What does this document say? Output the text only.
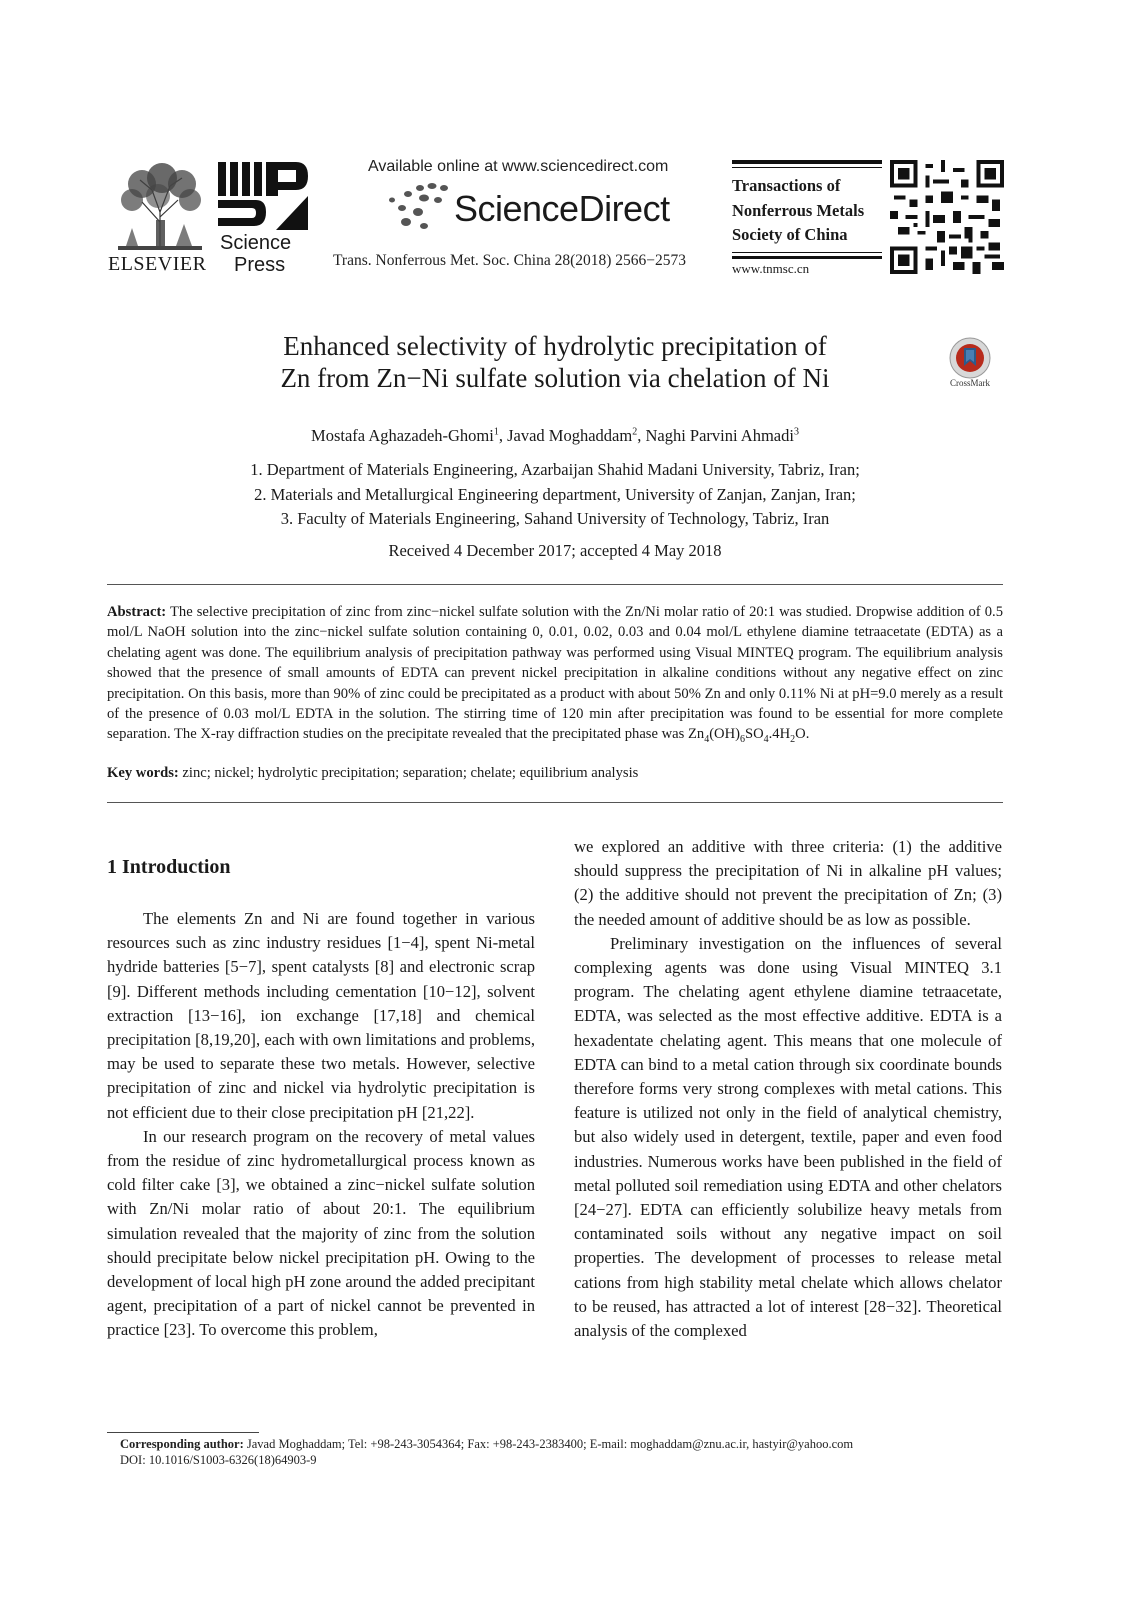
ELSEVIER
Science
Press
Available online at www.sciencedirect.com
ScienceDirect
Trans. Nonferrous Met. Soc. China 28(2018) 2566−2573
Transactions of
Nonferrous Metals
Society of China
www.tnmsc.cn
Enhanced selectivity of hydrolytic precipitation of
Zn from Zn−Ni sulfate solution via chelation of Ni	CrossMark
Mostafa Aghazadeh-Ghomi$^1$, Javad Moghaddam$^2$, Naghi Parvini Ahmadi$^3$
1. Department of Materials Engineering, Azarbaijan Shahid Madani University, Tabriz, Iran;
2. Materials and Metallurgical Engineering department, University of Zanjan, Zanjan, Iran;
3. Faculty of Materials Engineering, Sahand University of Technology, Tabriz, Iran
Received 4 December 2017; accepted 4 May 2018
Abstract: The selective precipitation of zinc from zinc−nickel sulfate solution with the Zn/Ni molar ratio of 20:1 was studied. Dropwise addition of 0.5 mol/L NaOH solution into the zinc−nickel sulfate solution containing 0, 0.01, 0.02, 0.03 and 0.04 mol/L ethylene diamine tetraacetate (EDTA) as a chelating agent was done. The equilibrium analysis of precipitation pathway was performed using Visual MINTEQ program. The equilibrium analysis showed that the presence of small amounts of EDTA can prevent nickel precipitation in alkaline conditions without any negative effect on zinc precipitation. On this basis, more than 90% of zinc could be precipitated as a product with about 50% Zn and only 0.11% Ni at pH=9.0 merely as a result of the presence of 0.03 mol/L EDTA in the solution. The stirring time of 120 min after precipitation was found to be essential for more complete separation. The X-ray diffraction studies on the precipitate revealed that the precipitated phase was $Zn_4(OH)_6SO_4.4H_2O$.
Key words: zinc; nickel; hydrolytic precipitation; separation; chelate; equilibrium analysis
1 Introduction

The elements Zn and Ni are found together in various resources such as zinc industry residues [1−4], spent Ni-metal hydride batteries [5−7], spent catalysts [8] and electronic scrap [9]. Different methods including cementation [10−12], solvent extraction [13−16], ion exchange [17,18] and chemical precipitation [8,19,20], each with own limitations and problems, may be used to separate these two metals. However, selective precipitation of zinc and nickel via hydrolytic precipitation is not efficient due to their close precipitation pH [21,22].

In our research program on the recovery of metal values from the residue of zinc hydrometallurgical process known as cold filter cake [3], we obtained a zinc−nickel sulfate solution with Zn/Ni molar ratio of about 20:1. The equilibrium simulation revealed that the majority of zinc from the solution should precipitate below nickel precipitation pH. Owing to the development of local high pH zone around the added precipitant agent, precipitation of a part of nickel cannot be prevented in practice [23]. To overcome this problem,

we explored an additive with three criteria: (1) the additive should suppress the precipitation of Ni in alkaline pH values; (2) the additive should not prevent the precipitation of Zn; (3) the needed amount of additive should be as low as possible.

Preliminary investigation on the influences of several complexing agents was done using Visual MINTEQ 3.1 program. The chelating agent ethylene diamine tetraacetate, EDTA, was selected as the most effective additive. EDTA is a hexadentate chelating agent. This means that one molecule of EDTA can bind to a metal cation through six coordinate bounds therefore forms very strong complexes with metal cations. This feature is utilized not only in the field of analytical chemistry, but also widely used in detergent, textile, paper and even food industries. Numerous works have been published in the field of metal polluted soil remediation using EDTA and other chelators [24−27]. EDTA can efficiently solubilize heavy metals from contaminated soils without any negative impact on soil properties. The development of processes to release metal cations from high stability metal chelate which allows chelator to be reused, has attracted a lot of interest [28−32]. Theoretical analysis of the complexed

Corresponding author: Javad Moghaddam; Tel: +98-243-3054364; Fax: +98-243-2383400; E-mail: moghaddam@znu.ac.ir, hastyir@yahoo.com
DOI: 10.1016/S1003-6326(18)64903-9
